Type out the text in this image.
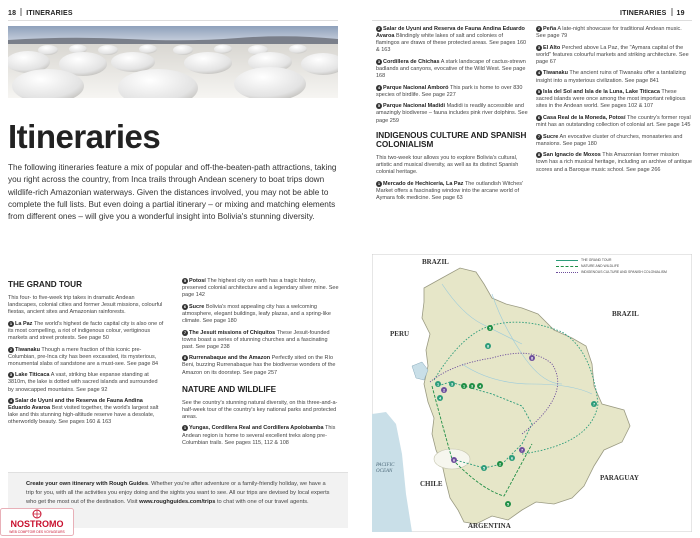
18 ITINERARIES	ITINERARIES 19
Itineraries
The following itineraries feature a mix of popular and off-the-beaten-path attractions, taking you right across the country, from Inca trails through Andean scenery to boat trips down wildlife-rich Amazonian waterways. Given the distances involved, you may not be able to complete the full lists. But even doing a partial itinerary – or mixing and matching elements from different ones – will give you a wonderful insight into Bolivia's stunning diversity.
THE GRAND TOUR

This four- to five-week trip takes in dramatic Andean landscapes, colonial cities and former Jesuit missions, colourful fiestas, ancient sites and Amazonian rainforests.

1 La Paz The world's highest de facto capital city is also one of its most compelling, a riot of indigenous colour, vertiginous markets and street protests. See page 50

2 Tiwanaku Though a mere fraction of this iconic pre-Columbian, pre-Inca city has been excavated, its mysterious, monumental slabs of sandstone are a must-see. See page 84

3 Lake Titicaca A vast, striking blue expanse standing at 3810m, the lake is dotted with sacred islands and surrounded by snowcapped mountains. See page 92

4 Salar de Uyuni and the Reserva de Fauna Andina Eduardo Avaroa Best visited together, the world's largest salt lake and this stunning high-altitude reserve have a desolate, otherworldly beauty. See pages 160 & 163

5 Potosí The highest city on earth has a tragic history, preserved colonial architecture and a legendary silver mine. See page 142

6 Sucre Bolivia's most appealing city has a welcoming atmosphere, elegant buildings, leafy plazas, and a spring-like climate. See page 180

7 The Jesuit missions of Chiquitos These Jesuit-founded towns boast a series of stunning churches and a fascinating past. See page 238

8 Rurrenabaque and the Amazon Perfectly sited on the Río Beni, buzzing Rurrenabaque has the biodiverse wonders of the Amazon on its doorstep. See page 257

NATURE AND WILDLIFE

See the country's stunning natural diversity, on this three-and-a-half-week tour of the country's key national parks and protected areas.

1 Yungas, Cordillera Real and Cordillera Apolobamba This Andean region is home to several excellent treks along pre-Columbian trails. See pages 115, 112 & 108

2 Salar de Uyuni and Reserva de Fauna Andina Eduardo Avaroa Blindingly white lakes of salt and colonies of flamingos are draws of these protected areas. See pages 160 & 163

3 Cordillera de Chichas A stark landscape of cactus-strewn badlands and canyons, evocative of the Wild West. See page 168

4 Parque Nacional Amboró This park is home to over 830 species of birdlife. See page 227

5 Parque Nacional Madidi Madidi is readily accessible and amazingly biodiverse – fauna includes pink river dolphins. See page 259

INDIGENOUS CULTURE AND SPANISH COLONIALISM

This two-week tour allows you to explore Bolivia's cultural, artistic and musical diversity, as well as its distinct Spanish colonial heritage.

1 Mercado de Hechicería, La Paz The outlandish Witches' Market offers a fascinating window into the arcane world of Aymara folk medicine. See page 63

2 Peña A late-night showcase for traditional Andean music. See page 79

3 El Alto Perched above La Paz, the "Aymara capital of the world" features colourful markets and striking architecture. See page 67

4 Tiwanaku The ancient ruins of Tiwanaku offer a tantalizing insight into a mysterious civilization. See page 841

5 Isla del Sol and Isla de la Luna, Lake Titicaca These sacred islands were once among the most important religious sites in the Andean world. See pages 102 & 107

6 Casa Real de la Moneda, Potosí The country's former royal mint has an outstanding collection of colonial art. See page 145

7 Sucre An evocative cluster of churches, monasteries and mansions. See page 180

8 San Ignacio de Moxos This Amazonian former mission town has a rich musical heritage, including an archive of antique scores and a Baroque music school. See page 266

Create your own itinerary with Rough Guides. Whether you're after adventure or a family-friendly holiday, we have a trip for you, with all the activities you enjoy doing and the sights you want to see. All our trips are devised by local experts who get the most out of the destination. Visit www.roughguides.com/trips to chat with one of our travel agents.
NOSTROMO
WEB COMPTOIR DES VOYAGEURS
1
2
3	1 3 4
4
8
5
8
7
2
6
7
5
5
6
BRAZIL
BRAZIL
PERU
CHILE
ARGENTINA
PARAGUAY
PACIFIC
OCEAN
THE GRAND TOUR
NATURE AND WILDLIFE
INDIGENOUS CULTURE AND SPANISH COLONIALISM
